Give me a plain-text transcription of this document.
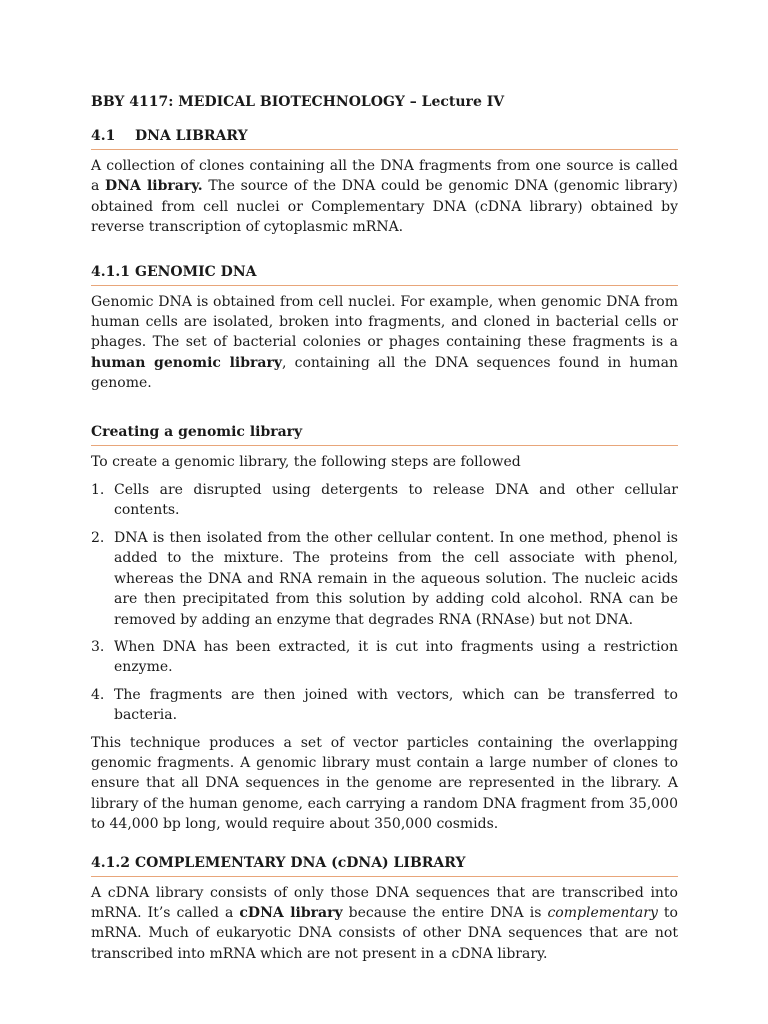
BBY 4117: MEDICAL BIOTECHNOLOGY – Lecture IV
4.1 DNA LIBRARY

A collection of clones containing all the DNA fragments from one source is called a DNA library. The source of the DNA could be genomic DNA (genomic library) obtained from cell nuclei or Complementary DNA (cDNA library) obtained by reverse transcription of cytoplasmic mRNA.

4.1.1 GENOMIC DNA

Genomic DNA is obtained from cell nuclei. For example, when genomic DNA from human cells are isolated, broken into fragments, and cloned in bacterial cells or phages. The set of bacterial colonies or phages containing these fragments is a human genomic library, containing all the DNA sequences found in human genome.

Creating a genomic library

To create a genomic library, the following steps are followed

1. Cells are disrupted using detergents to release DNA and other cellular contents.
2. DNA is then isolated from the other cellular content. In one method, phenol is added to the mixture. The proteins from the cell associate with phenol, whereas the DNA and RNA remain in the aqueous solution. The nucleic acids are then precipitated from this solution by adding cold alcohol. RNA can be removed by adding an enzyme that degrades RNA (RNAse) but not DNA.
3. When DNA has been extracted, it is cut into fragments using a restriction enzyme.
4. The fragments are then joined with vectors, which can be transferred to bacteria.

This technique produces a set of vector particles containing the overlapping genomic fragments. A genomic library must contain a large number of clones to ensure that all DNA sequences in the genome are represented in the library. A library of the human genome, each carrying a random DNA fragment from 35,000 to 44,000 bp long, would require about 350,000 cosmids.

4.1.2 COMPLEMENTARY DNA (cDNA) LIBRARY

A cDNA library consists of only those DNA sequences that are transcribed into mRNA. It’s called a cDNA library because the entire DNA is complementary to mRNA. Much of eukaryotic DNA consists of other DNA sequences that are not transcribed into mRNA which are not present in a cDNA library.
